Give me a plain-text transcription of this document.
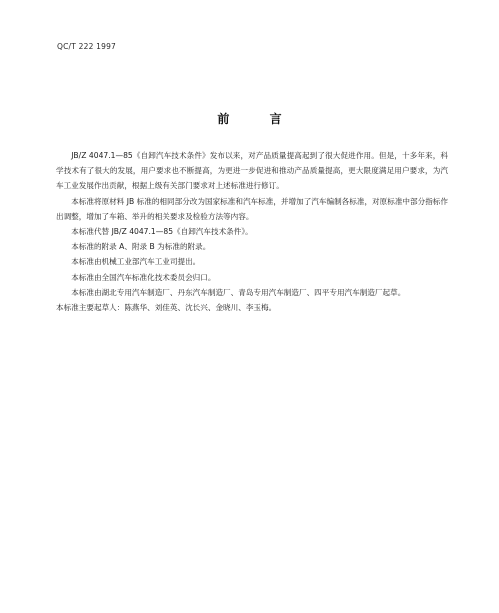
QC/T 222 1997
前 言

JB/Z 4047.1—85《自卸汽车技术条件》发布以来，对产品质量提高起到了很大促进作用。但是，十多年来，科学技术有了很大的发展，用户要求也不断提高，为更进一步促进和推动产品质量提高，更大限度满足用户要求，为汽车工业发展作出贡献，根据上级有关部门要求对上述标准进行修订。

本标准将原材料 JB 标准的相同部分改为国家标准和汽车标准，并增加了汽车编制各标准，对原标准中部分指标作出调整，增加了车箱、举升的相关要求及检验方法等内容。

本标准代替 JB/Z 4047.1—85《自卸汽车技术条件》。

本标准的附录 A、附录 B 为标准的附录。

本标准由机械工业部汽车工业司提出。

本标准由全国汽车标准化技术委员会归口。

本标准由湖北专用汽车制造厂、丹东汽车制造厂、青岛专用汽车制造厂、四平专用汽车制造厂起草。

本标准主要起草人：陈燕华、刘佳英、沈长兴、金晓川、李玉梅。
